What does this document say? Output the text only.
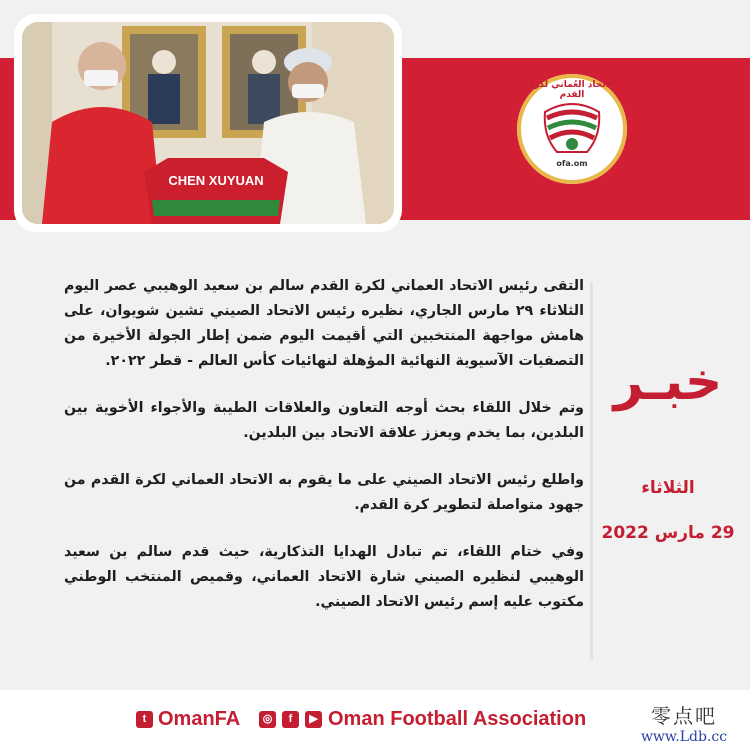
CHEN XUYUAN
الاتحاد العُماني لكرة القدم
ofa.om

التقى رئيس الاتحاد العماني لكرة القدم سالم بن سعيد الوهيبي عصر اليوم الثلاثاء ٢٩ مارس الجاري، نظيره رئيس الاتحاد الصيني تشين شويوان، على هامش مواجهة المنتخبين التي أقيمت اليوم ضمن إطار الجولة الأخيرة من التصفيات الآسيوية النهائية المؤهلة لنهائيات كأس العالم - قطر ٢٠٢٢.

وتم خلال اللقاء بحث أوجه التعاون والعلاقات الطيبة والأجواء الأخوية بين البلدين، بما يخدم ويعزز علاقة الاتحاد بين البلدين.

واطلع رئيس الاتحاد الصيني على ما يقوم به الاتحاد العماني لكرة القدم من جهود متواصلة لتطوير كرة القدم.

وفي ختام اللقاء، تم تبادل الهدايا التذكارية، حيث قدم سالم بن سعيد الوهيبي لنظيره الصيني شارة الاتحاد العماني، وقميص المنتخب الوطني مكتوب عليه إسم رئيس الاتحاد الصيني.

خبـر
الثلاثاء
29 مارس 2022
t OmanFA	◎	f	▶ Oman Football Association	零点吧
www.Ldb.cc
